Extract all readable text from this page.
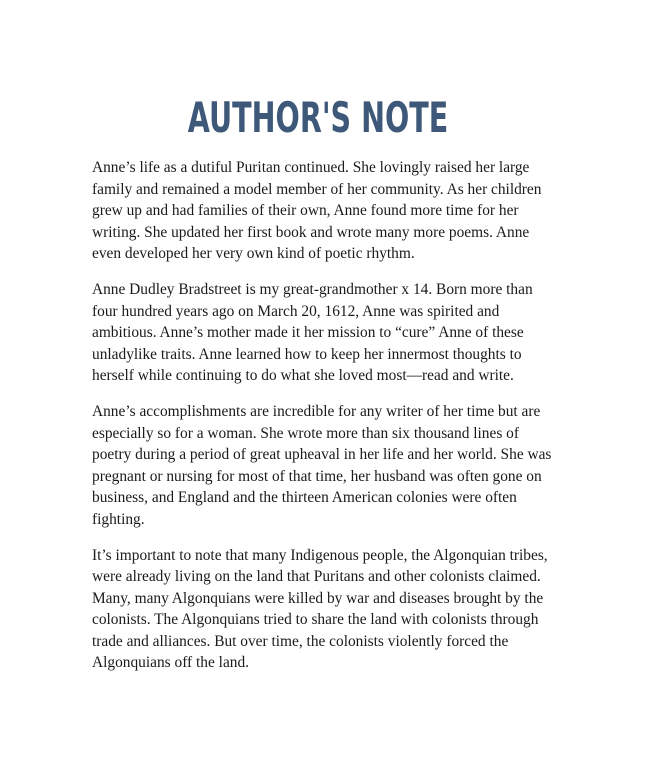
AUTHOR'S NOTE

Anne’s life as a dutiful Puritan continued. She lovingly raised her large family and remained a model member of her community. As her children grew up and had families of their own, Anne found more time for her writing. She updated her first book and wrote many more poems. Anne even developed her very own kind of poetic rhythm.

Anne Dudley Bradstreet is my great-grandmother x 14. Born more than four hundred years ago on March 20, 1612, Anne was spirited and ambitious. Anne’s mother made it her mission to “cure” Anne of these unladylike traits. Anne learned how to keep her innermost thoughts to herself while continuing to do what she loved most—read and write.

Anne’s accomplishments are incredible for any writer of her time but are especially so for a woman. She wrote more than six thousand lines of poetry during a period of great upheaval in her life and her world. She was pregnant or nursing for most of that time, her husband was often gone on business, and England and the thirteen American colonies were often fighting.

It’s important to note that many Indigenous people, the Algonquian tribes, were already living on the land that Puritans and other colonists claimed. Many, many Algonquians were killed by war and diseases brought by the colonists. The Algonquians tried to share the land with colonists through trade and alliances. But over time, the colonists violently forced the Algonquians off the land.
